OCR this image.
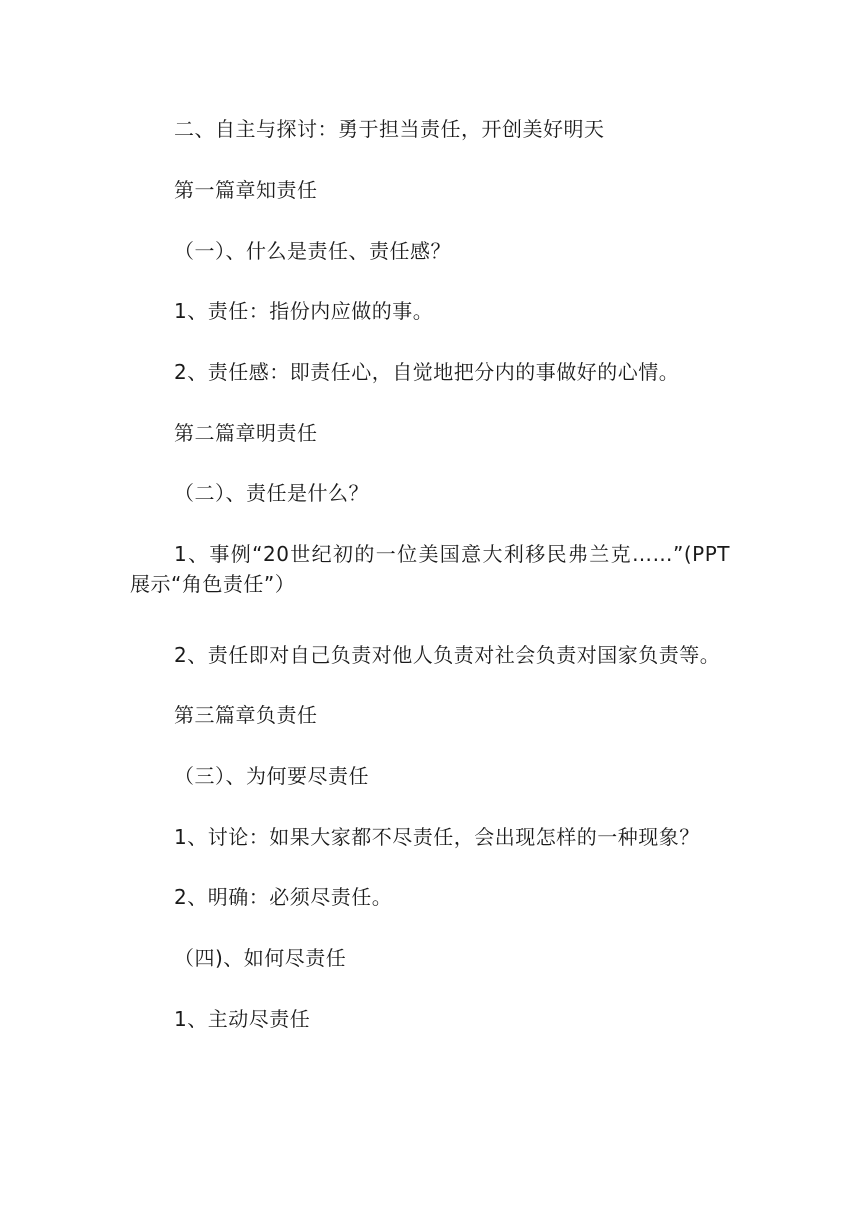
二、自主与探讨：勇于担当责任，开创美好明天
第一篇章知责任
（一）、什么是责任、责任感？
1、责任：指份内应做的事。
2、责任感：即责任心，自觉地把分内的事做好的心情。
第二篇章明责任
（二）、责任是什么？
1、事例“20世纪初的一位美国意大利移民弗兰克……”(PPT展示“角色责任”）
2、责任即对自己负责对他人负责对社会负责对国家负责等。
第三篇章负责任
（三）、为何要尽责任
1、讨论：如果大家都不尽责任，会出现怎样的一种现象？
2、明确：必须尽责任。
（四)、如何尽责任
1、主动尽责任
